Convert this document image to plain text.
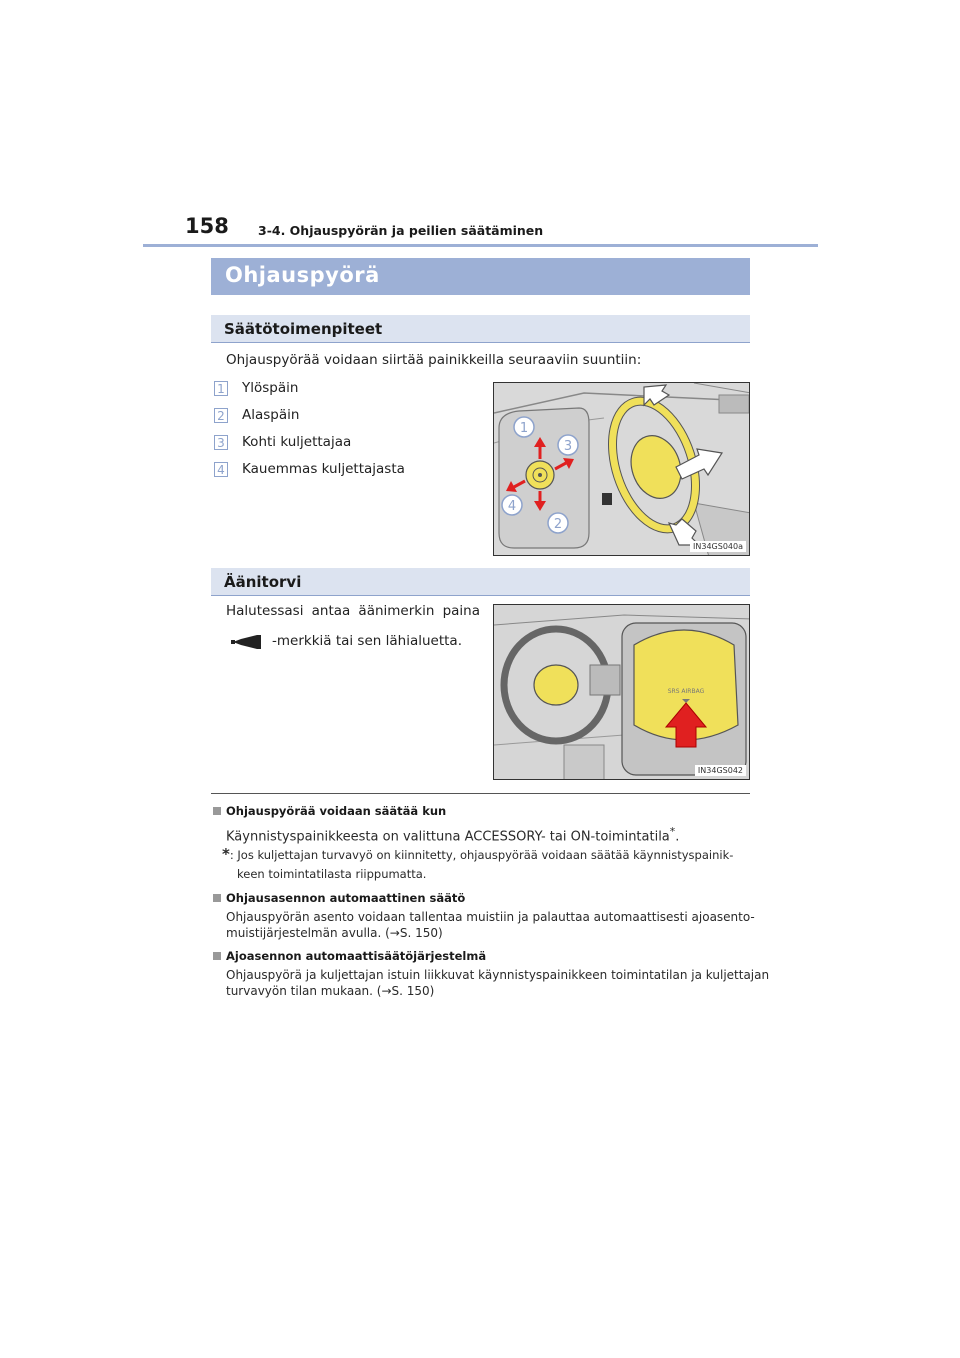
158 3-4. Ohjauspyörän ja peilien säätäminen
Ohjauspyörä
Säätötoimenpiteet
Ohjauspyörää voidaan siirtää painikkeilla seuraaviin suuntiin:
1 Ylöspäin
2 Alaspäin
3 Kohti kuljettajaa
4 Kauemmas kuljettajasta
1
3
4
2
IN34GS040a
Äänitorvi
Halutessasi antaa äänimerkin paina
-merkkiä tai sen lähialuetta.
SRS AIRBAG
IN34GS042
Ohjauspyörää voidaan säätää kun
Käynnistyspainikkeesta on valittuna ACCESSORY- tai ON-toimintatila*.
*: Jos kuljettajan turvavyö on kiinnitetty, ohjauspyörää voidaan säätää käynnistyspainik-
keen toimintatilasta riippumatta.
Ohjausasennon automaattinen säätö
Ohjauspyörän asento voidaan tallentaa muistiin ja palauttaa automaattisesti ajoasento-
muistijärjestelmän avulla. (→S. 150)
Ajoasennon automaattisäätöjärjestelmä
Ohjauspyörä ja kuljettajan istuin liikkuvat käynnistyspainikkeen toimintatilan ja kuljettajan
turvavyön tilan mukaan. (→S. 150)
